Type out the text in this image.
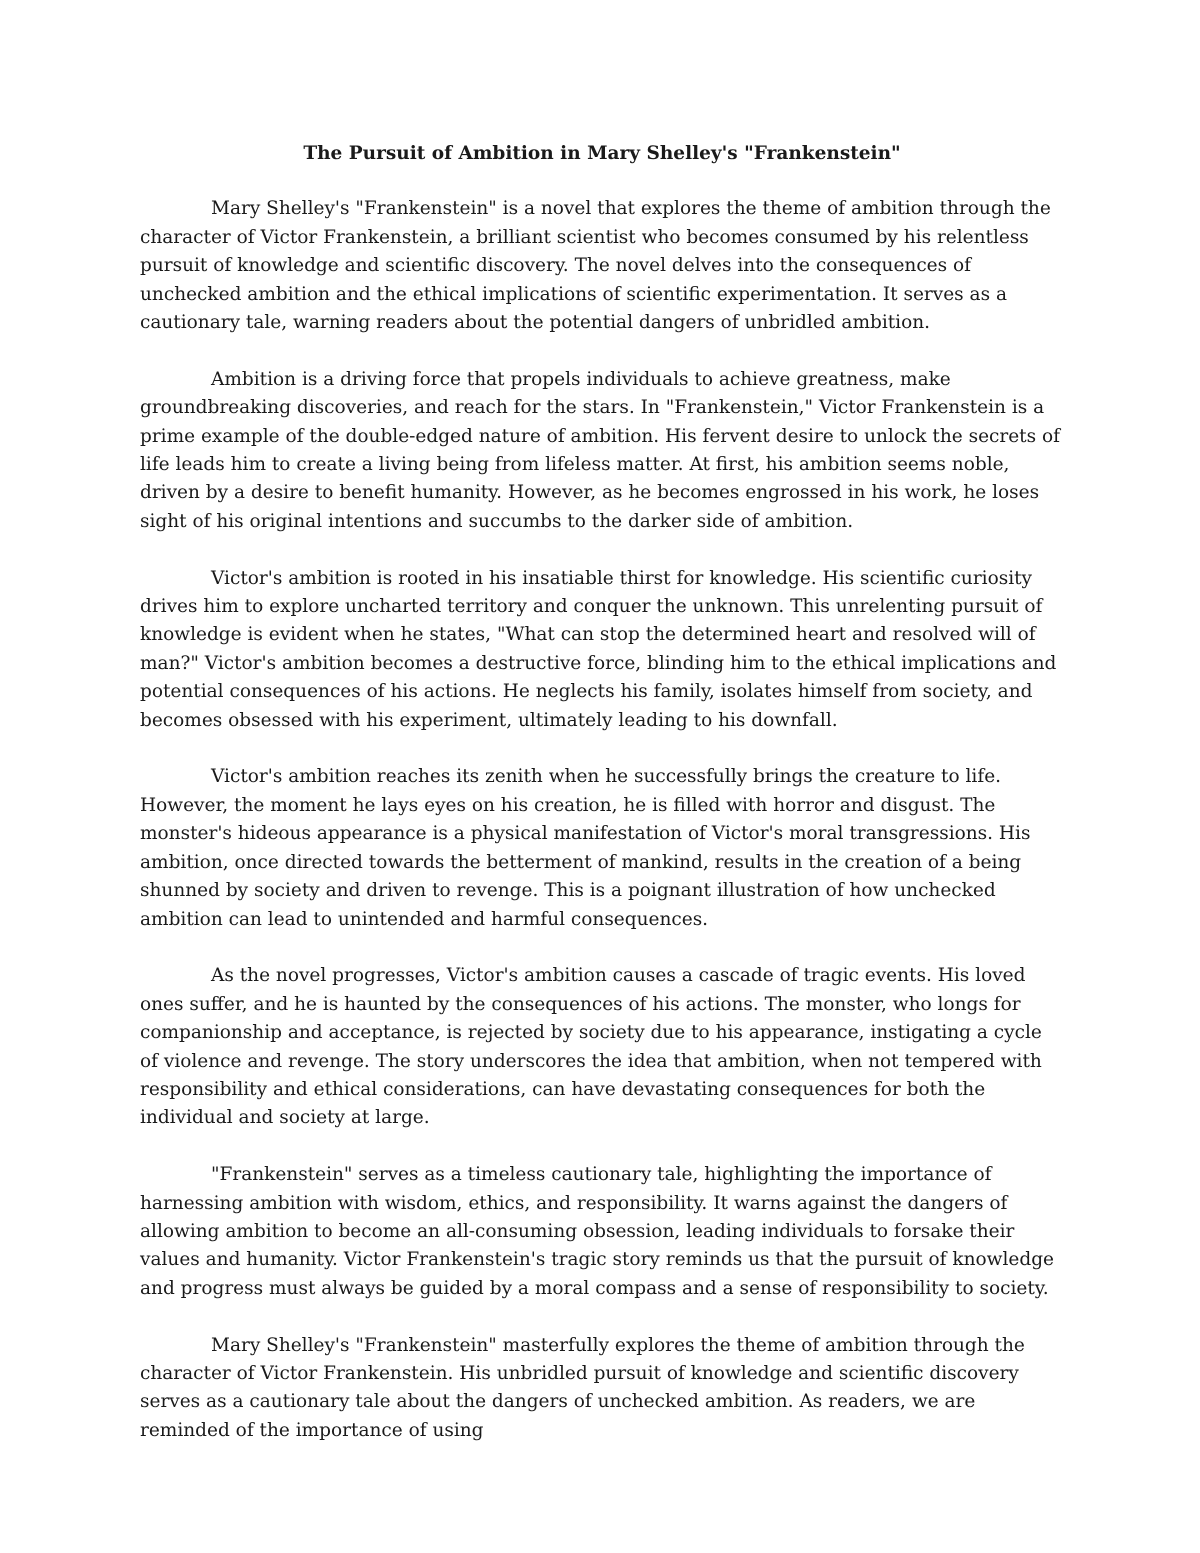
The Pursuit of Ambition in Mary Shelley's "Frankenstein"

Mary Shelley's "Frankenstein" is a novel that explores the theme of ambition through the character of Victor Frankenstein, a brilliant scientist who becomes consumed by his relentless pursuit of knowledge and scientific discovery. The novel delves into the consequences of unchecked ambition and the ethical implications of scientific experimentation. It serves as a cautionary tale, warning readers about the potential dangers of unbridled ambition.

Ambition is a driving force that propels individuals to achieve greatness, make groundbreaking discoveries, and reach for the stars. In "Frankenstein," Victor Frankenstein is a prime example of the double-edged nature of ambition. His fervent desire to unlock the secrets of life leads him to create a living being from lifeless matter. At first, his ambition seems noble, driven by a desire to benefit humanity. However, as he becomes engrossed in his work, he loses sight of his original intentions and succumbs to the darker side of ambition.

Victor's ambition is rooted in his insatiable thirst for knowledge. His scientific curiosity drives him to explore uncharted territory and conquer the unknown. This unrelenting pursuit of knowledge is evident when he states, "What can stop the determined heart and resolved will of man?" Victor's ambition becomes a destructive force, blinding him to the ethical implications and potential consequences of his actions. He neglects his family, isolates himself from society, and becomes obsessed with his experiment, ultimately leading to his downfall.

Victor's ambition reaches its zenith when he successfully brings the creature to life. However, the moment he lays eyes on his creation, he is filled with horror and disgust. The monster's hideous appearance is a physical manifestation of Victor's moral transgressions. His ambition, once directed towards the betterment of mankind, results in the creation of a being shunned by society and driven to revenge. This is a poignant illustration of how unchecked ambition can lead to unintended and harmful consequences.

As the novel progresses, Victor's ambition causes a cascade of tragic events. His loved ones suffer, and he is haunted by the consequences of his actions. The monster, who longs for companionship and acceptance, is rejected by society due to his appearance, instigating a cycle of violence and revenge. The story underscores the idea that ambition, when not tempered with responsibility and ethical considerations, can have devastating consequences for both the individual and society at large.

"Frankenstein" serves as a timeless cautionary tale, highlighting the importance of harnessing ambition with wisdom, ethics, and responsibility. It warns against the dangers of allowing ambition to become an all-consuming obsession, leading individuals to forsake their values and humanity. Victor Frankenstein's tragic story reminds us that the pursuit of knowledge and progress must always be guided by a moral compass and a sense of responsibility to society.

Mary Shelley's "Frankenstein" masterfully explores the theme of ambition through the character of Victor Frankenstein. His unbridled pursuit of knowledge and scientific discovery serves as a cautionary tale about the dangers of unchecked ambition. As readers, we are reminded of the importance of using
